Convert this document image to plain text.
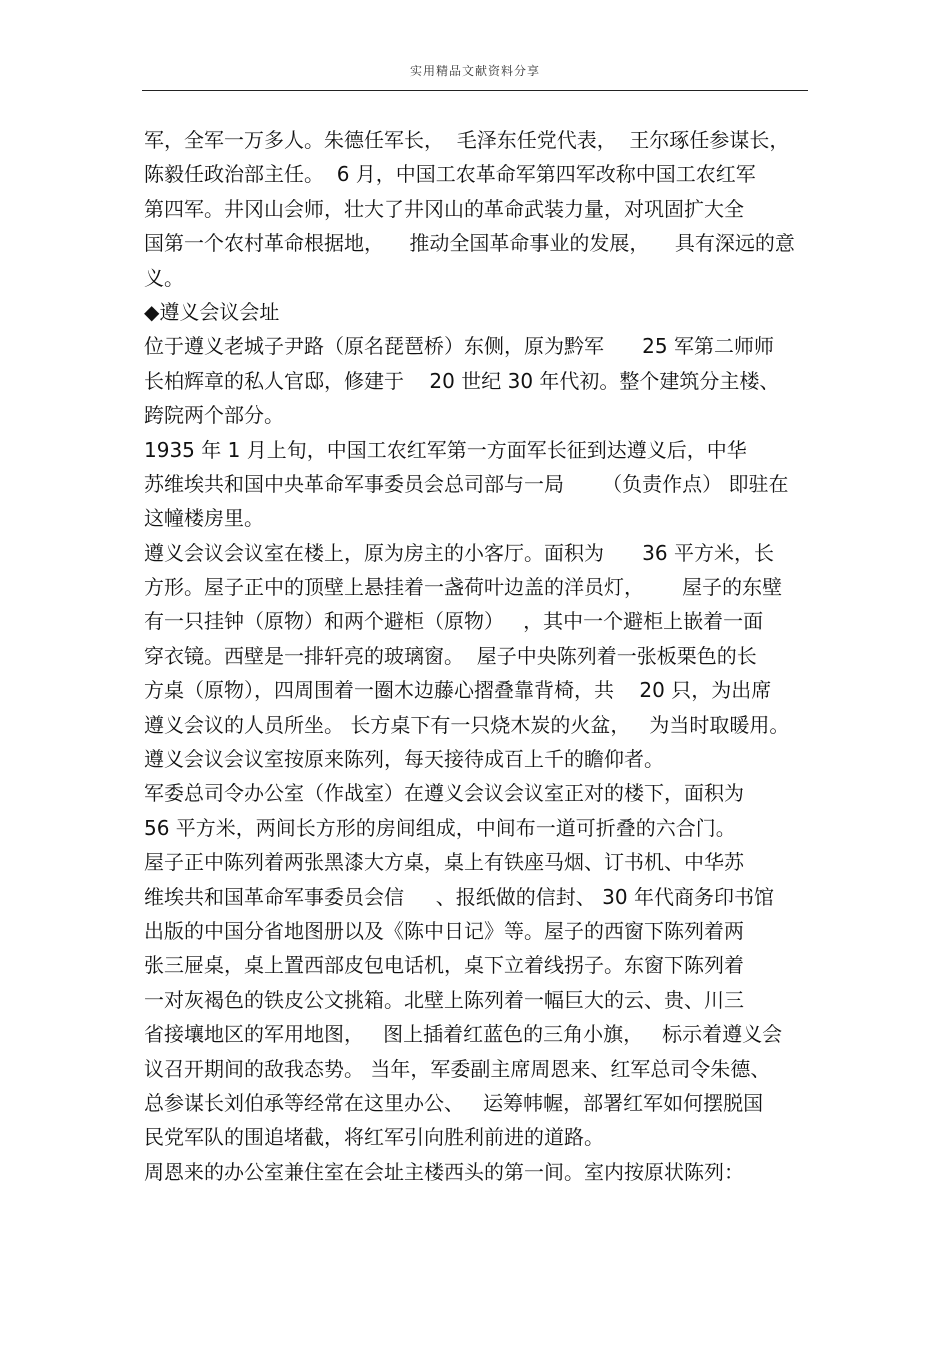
实用精品文献资料分享
军，全军一万多人。朱德任军长，  毛泽东任党代表，  王尔琢任参谋长，
陈毅任政治部主任。  6 月，中国工农革命军第四军改称中国工农红军
第四军。井冈山会师，壮大了井冈山的革命武装力量，对巩固扩大全
国第一个农村革命根据地，    推动全国革命事业的发展，    具有深远的意
义。
◆遵义会议会址
位于遵义老城子尹路（原名琵琶桥）东侧，原为黔军      25 军第二师师
长柏辉章的私人官邸，修建于    20 世纪 30 年代初。整个建筑分主楼、
跨院两个部分。
1935 年 1 月上旬，中国工农红军第一方面军长征到达遵义后，中华
苏维埃共和国中央革命军事委员会总司部与一局      （负责作点） 即驻在
这幢楼房里。
遵义会议会议室在楼上，原为房主的小客厅。面积为      36 平方米，长
方形。屋子正中的顶壁上悬挂着一盏荷叶边盖的洋员灯，      屋子的东壁
有一只挂钟（原物）和两个避柜（原物）   ，其中一个避柜上嵌着一面
穿衣镜。西壁是一排轩亮的玻璃窗。  屋子中央陈列着一张板栗色的长
方桌（原物），四周围着一圈木边藤心摺叠靠背椅，共    20 只，为出席
遵义会议的人员所坐。 长方桌下有一只烧木炭的火盆，   为当时取暖用。
遵义会议会议室按原来陈列，每天接待成百上千的瞻仰者。
军委总司令办公室（作战室）在遵义会议会议室正对的楼下，面积为
56 平方米，两间长方形的房间组成，中间布一道可折叠的六合门。
屋子正中陈列着两张黑漆大方桌，桌上有铁座马烟、订书机、中华苏
维埃共和国革命军事委员会信     、报纸做的信封、 30 年代商务印书馆
出版的中国分省地图册以及《陈中日记》等。屋子的西窗下陈列着两
张三屉桌，桌上置西部皮包电话机，桌下立着线拐子。东窗下陈列着
一对灰褐色的铁皮公文挑箱。北壁上陈列着一幅巨大的云、贵、川三
省接壤地区的军用地图，   图上插着红蓝色的三角小旗，   标示着遵义会
议召开期间的敌我态势。 当年，军委副主席周恩来、红军总司令朱德、
总参谋长刘伯承等经常在这里办公、   运筹帏幄，部署红军如何摆脱国
民党军队的围追堵截，将红军引向胜利前进的道路。
周恩来的办公室兼住室在会址主楼西头的第一间。室内按原状陈列：
